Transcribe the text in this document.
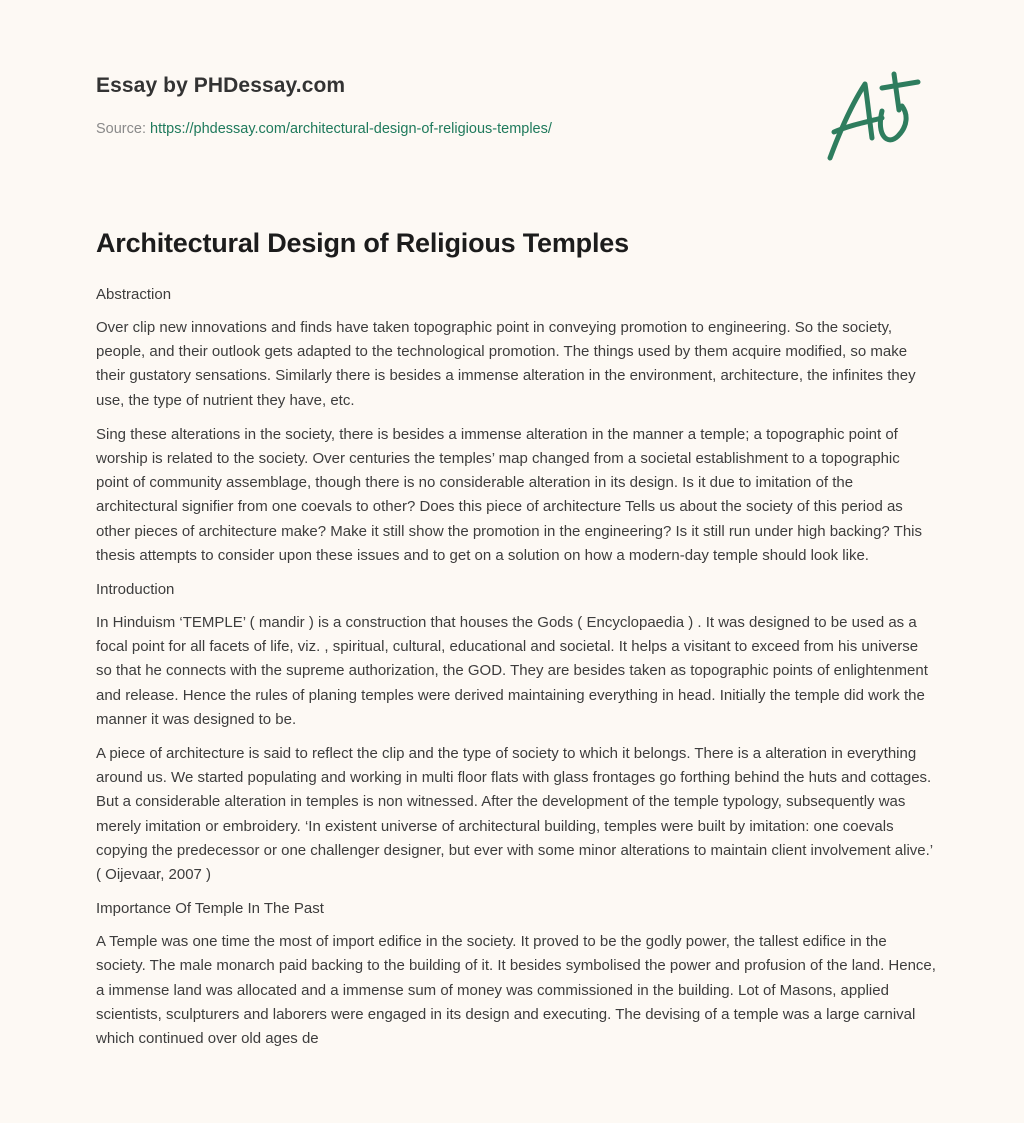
Essay by PHDessay.com
Source: https://phdessay.com/architectural-design-of-religious-temples/
Architectural Design of Religious Temples

Abstraction

Over clip new innovations and finds have taken topographic point in conveying promotion to engineering. So the society, people, and their outlook gets adapted to the technological promotion. The things used by them acquire modified, so make their gustatory sensations. Similarly there is besides a immense alteration in the environment, architecture, the infinites they use, the type of nutrient they have, etc.

Sing these alterations in the society, there is besides a immense alteration in the manner a temple; a topographic point of worship is related to the society. Over centuries the temples’ map changed from a societal establishment to a topographic point of community assemblage, though there is no considerable alteration in its design. Is it due to imitation of the architectural signifier from one coevals to other? Does this piece of architecture Tells us about the society of this period as other pieces of architecture make? Make it still show the promotion in the engineering? Is it still run under high backing? This thesis attempts to consider upon these issues and to get on a solution on how a modern-day temple should look like.

Introduction

In Hinduism ‘TEMPLE’ ( mandir ) is a construction that houses the Gods ( Encyclopaedia ) . It was designed to be used as a focal point for all facets of life, viz. , spiritual, cultural, educational and societal. It helps a visitant to exceed from his universe so that he connects with the supreme authorization, the GOD. They are besides taken as topographic points of enlightenment and release. Hence the rules of planing temples were derived maintaining everything in head. Initially the temple did work the manner it was designed to be.

A piece of architecture is said to reflect the clip and the type of society to which it belongs. There is a alteration in everything around us. We started populating and working in multi floor flats with glass frontages go forthing behind the huts and cottages. But a considerable alteration in temples is non witnessed. After the development of the temple typology, subsequently was merely imitation or embroidery. ‘In existent universe of architectural building, temples were built by imitation: one coevals copying the predecessor or one challenger designer, but ever with some minor alterations to maintain client involvement alive.’ ( Oijevaar, 2007 )

Importance Of Temple In The Past

A Temple was one time the most of import edifice in the society. It proved to be the godly power, the tallest edifice in the society. The male monarch paid backing to the building of it. It besides symbolised the power and profusion of the land. Hence, a immense land was allocated and a immense sum of money was commissioned in the building. Lot of Masons, applied scientists, sculpturers and laborers were engaged in its design and executing. The devising of a temple was a large carnival which continued over old ages de
